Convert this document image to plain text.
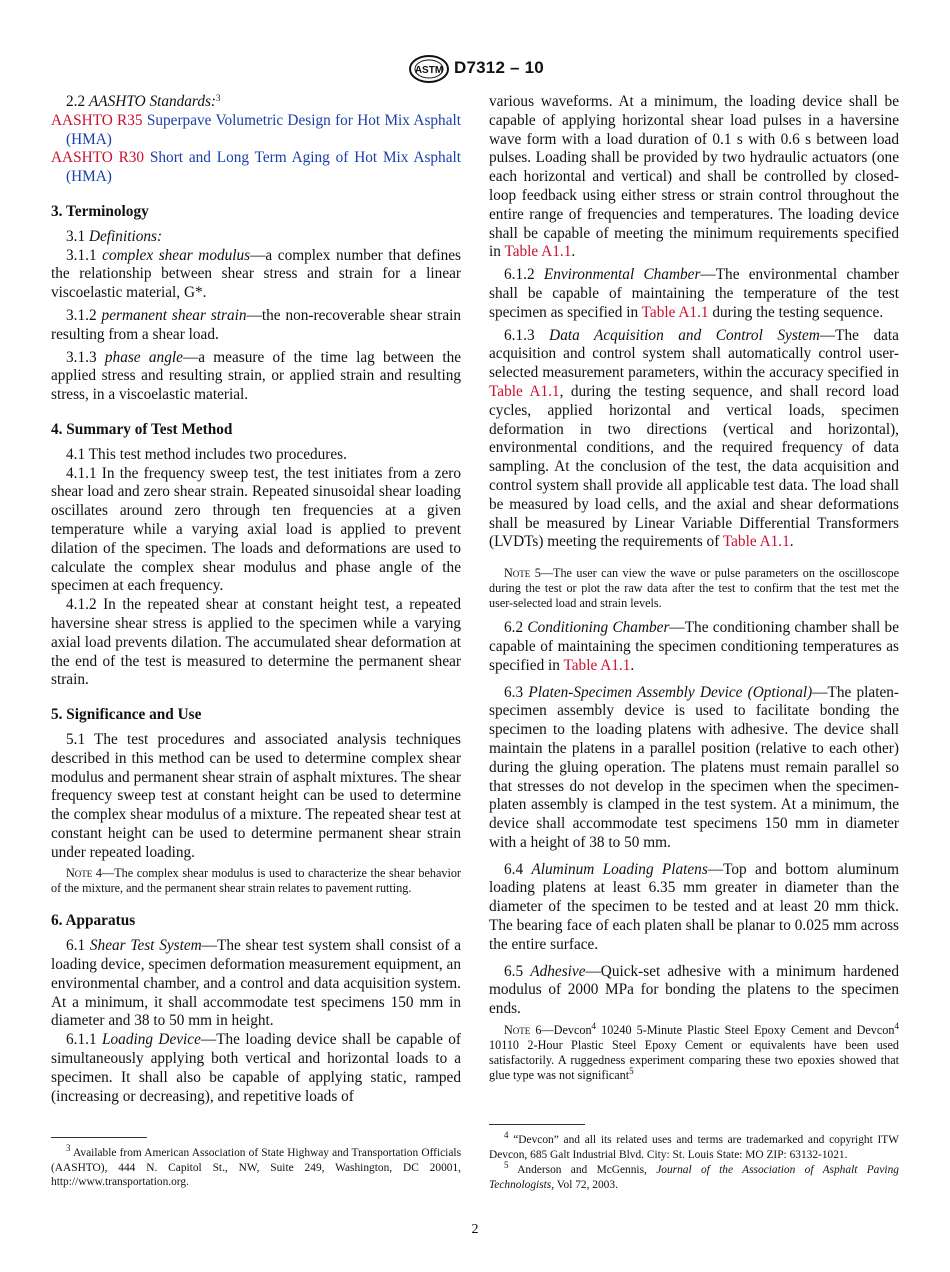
ASTM D7312 – 10

2.2 AASHTO Standards:$^3$

AASHTO R35 Superpave Volumetric Design for Hot Mix Asphalt (HMA)

AASHTO R30 Short and Long Term Aging of Hot Mix Asphalt (HMA)

3. Terminology

3.1 Definitions:

3.1.1 complex shear modulus—a complex number that defines the relationship between shear stress and strain for a linear viscoelastic material, G*.

3.1.2 permanent shear strain—the non-recoverable shear strain resulting from a shear load.

3.1.3 phase angle—a measure of the time lag between the applied stress and resulting strain, or applied strain and resulting stress, in a viscoelastic material.

4. Summary of Test Method

4.1 This test method includes two procedures.

4.1.1 In the frequency sweep test, the test initiates from a zero shear load and zero shear strain. Repeated sinusoidal shear loading oscillates around zero through ten frequencies at a given temperature while a varying axial load is applied to prevent dilation of the specimen. The loads and deformations are used to calculate the complex shear modulus and phase angle of the specimen at each frequency.

4.1.2 In the repeated shear at constant height test, a repeated haversine shear stress is applied to the specimen while a varying axial load prevents dilation. The accumulated shear deformation at the end of the test is measured to determine the permanent shear strain.

5. Significance and Use

5.1 The test procedures and associated analysis techniques described in this method can be used to determine complex shear modulus and permanent shear strain of asphalt mixtures. The shear frequency sweep test at constant height can be used to determine the complex shear modulus of a mixture. The repeated shear test at constant height can be used to determine permanent shear strain under repeated loading.

Note 4—The complex shear modulus is used to characterize the shear behavior of the mixture, and the permanent shear strain relates to pavement rutting.

6. Apparatus

6.1 Shear Test System—The shear test system shall consist of a loading device, specimen deformation measurement equipment, an environmental chamber, and a control and data acquisition system. At a minimum, it shall accommodate test specimens 150 mm in diameter and 38 to 50 mm in height.

6.1.1 Loading Device—The loading device shall be capable of simultaneously applying both vertical and horizontal loads to a specimen. It shall also be capable of applying static, ramped (increasing or decreasing), and repetitive loads of

$^3$ Available from American Association of State Highway and Transportation Officials (AASHTO), 444 N. Capitol St., NW, Suite 249, Washington, DC 20001, http://www.transportation.org.

various waveforms. At a minimum, the loading device shall be capable of applying horizontal shear load pulses in a haversine wave form with a load duration of 0.1 s with 0.6 s between load pulses. Loading shall be provided by two hydraulic actuators (one each horizontal and vertical) and shall be controlled by closed-loop feedback using either stress or strain control throughout the entire range of frequencies and temperatures. The loading device shall be capable of meeting the minimum requirements specified in Table A1.1.

6.1.2 Environmental Chamber—The environmental chamber shall be capable of maintaining the temperature of the test specimen as specified in Table A1.1 during the testing sequence.

6.1.3 Data Acquisition and Control System—The data acquisition and control system shall automatically control user-selected measurement parameters, within the accuracy specified in Table A1.1, during the testing sequence, and shall record load cycles, applied horizontal and vertical loads, specimen deformation in two directions (vertical and horizontal), environmental conditions, and the required frequency of data sampling. At the conclusion of the test, the data acquisition and control system shall provide all applicable test data. The load shall be measured by load cells, and the axial and shear deformations shall be measured by Linear Variable Differential Transformers (LVDTs) meeting the requirements of Table A1.1.

Note 5—The user can view the wave or pulse parameters on the oscilloscope during the test or plot the raw data after the test to confirm that the test met the user-selected load and strain levels.

6.2 Conditioning Chamber—The conditioning chamber shall be capable of maintaining the specimen conditioning temperatures as specified in Table A1.1.

6.3 Platen-Specimen Assembly Device (Optional)—The platen-specimen assembly device is used to facilitate bonding the specimen to the loading platens with adhesive. The device shall maintain the platens in a parallel position (relative to each other) during the gluing operation. The platens must remain parallel so that stresses do not develop in the specimen when the specimen-platen assembly is clamped in the test system. At a minimum, the device shall accommodate test specimens 150 mm in diameter with a height of 38 to 50 mm.

6.4 Aluminum Loading Platens—Top and bottom aluminum loading platens at least 6.35 mm greater in diameter than the diameter of the specimen to be tested and at least 20 mm thick. The bearing face of each platen shall be planar to 0.025 mm across the entire surface.

6.5 Adhesive—Quick-set adhesive with a minimum hardened modulus of 2000 MPa for bonding the platens to the specimen ends.

Note 6—Devcon$^4$ 10240 5-Minute Plastic Steel Epoxy Cement and Devcon$^4$ 10110 2-Hour Plastic Steel Epoxy Cement or equivalents have been used satisfactorily. A ruggedness experiment comparing these two epoxies showed that glue type was not significant$^5$

$^4$ “Devcon” and all its related uses and terms are trademarked and copyright ITW Devcon, 685 Galt Industrial Blvd. City: St. Louis State: MO ZIP: 63132-1021.

$^5$ Anderson and McGennis, Journal of the Association of Asphalt Paving Technologists, Vol 72, 2003.

2
